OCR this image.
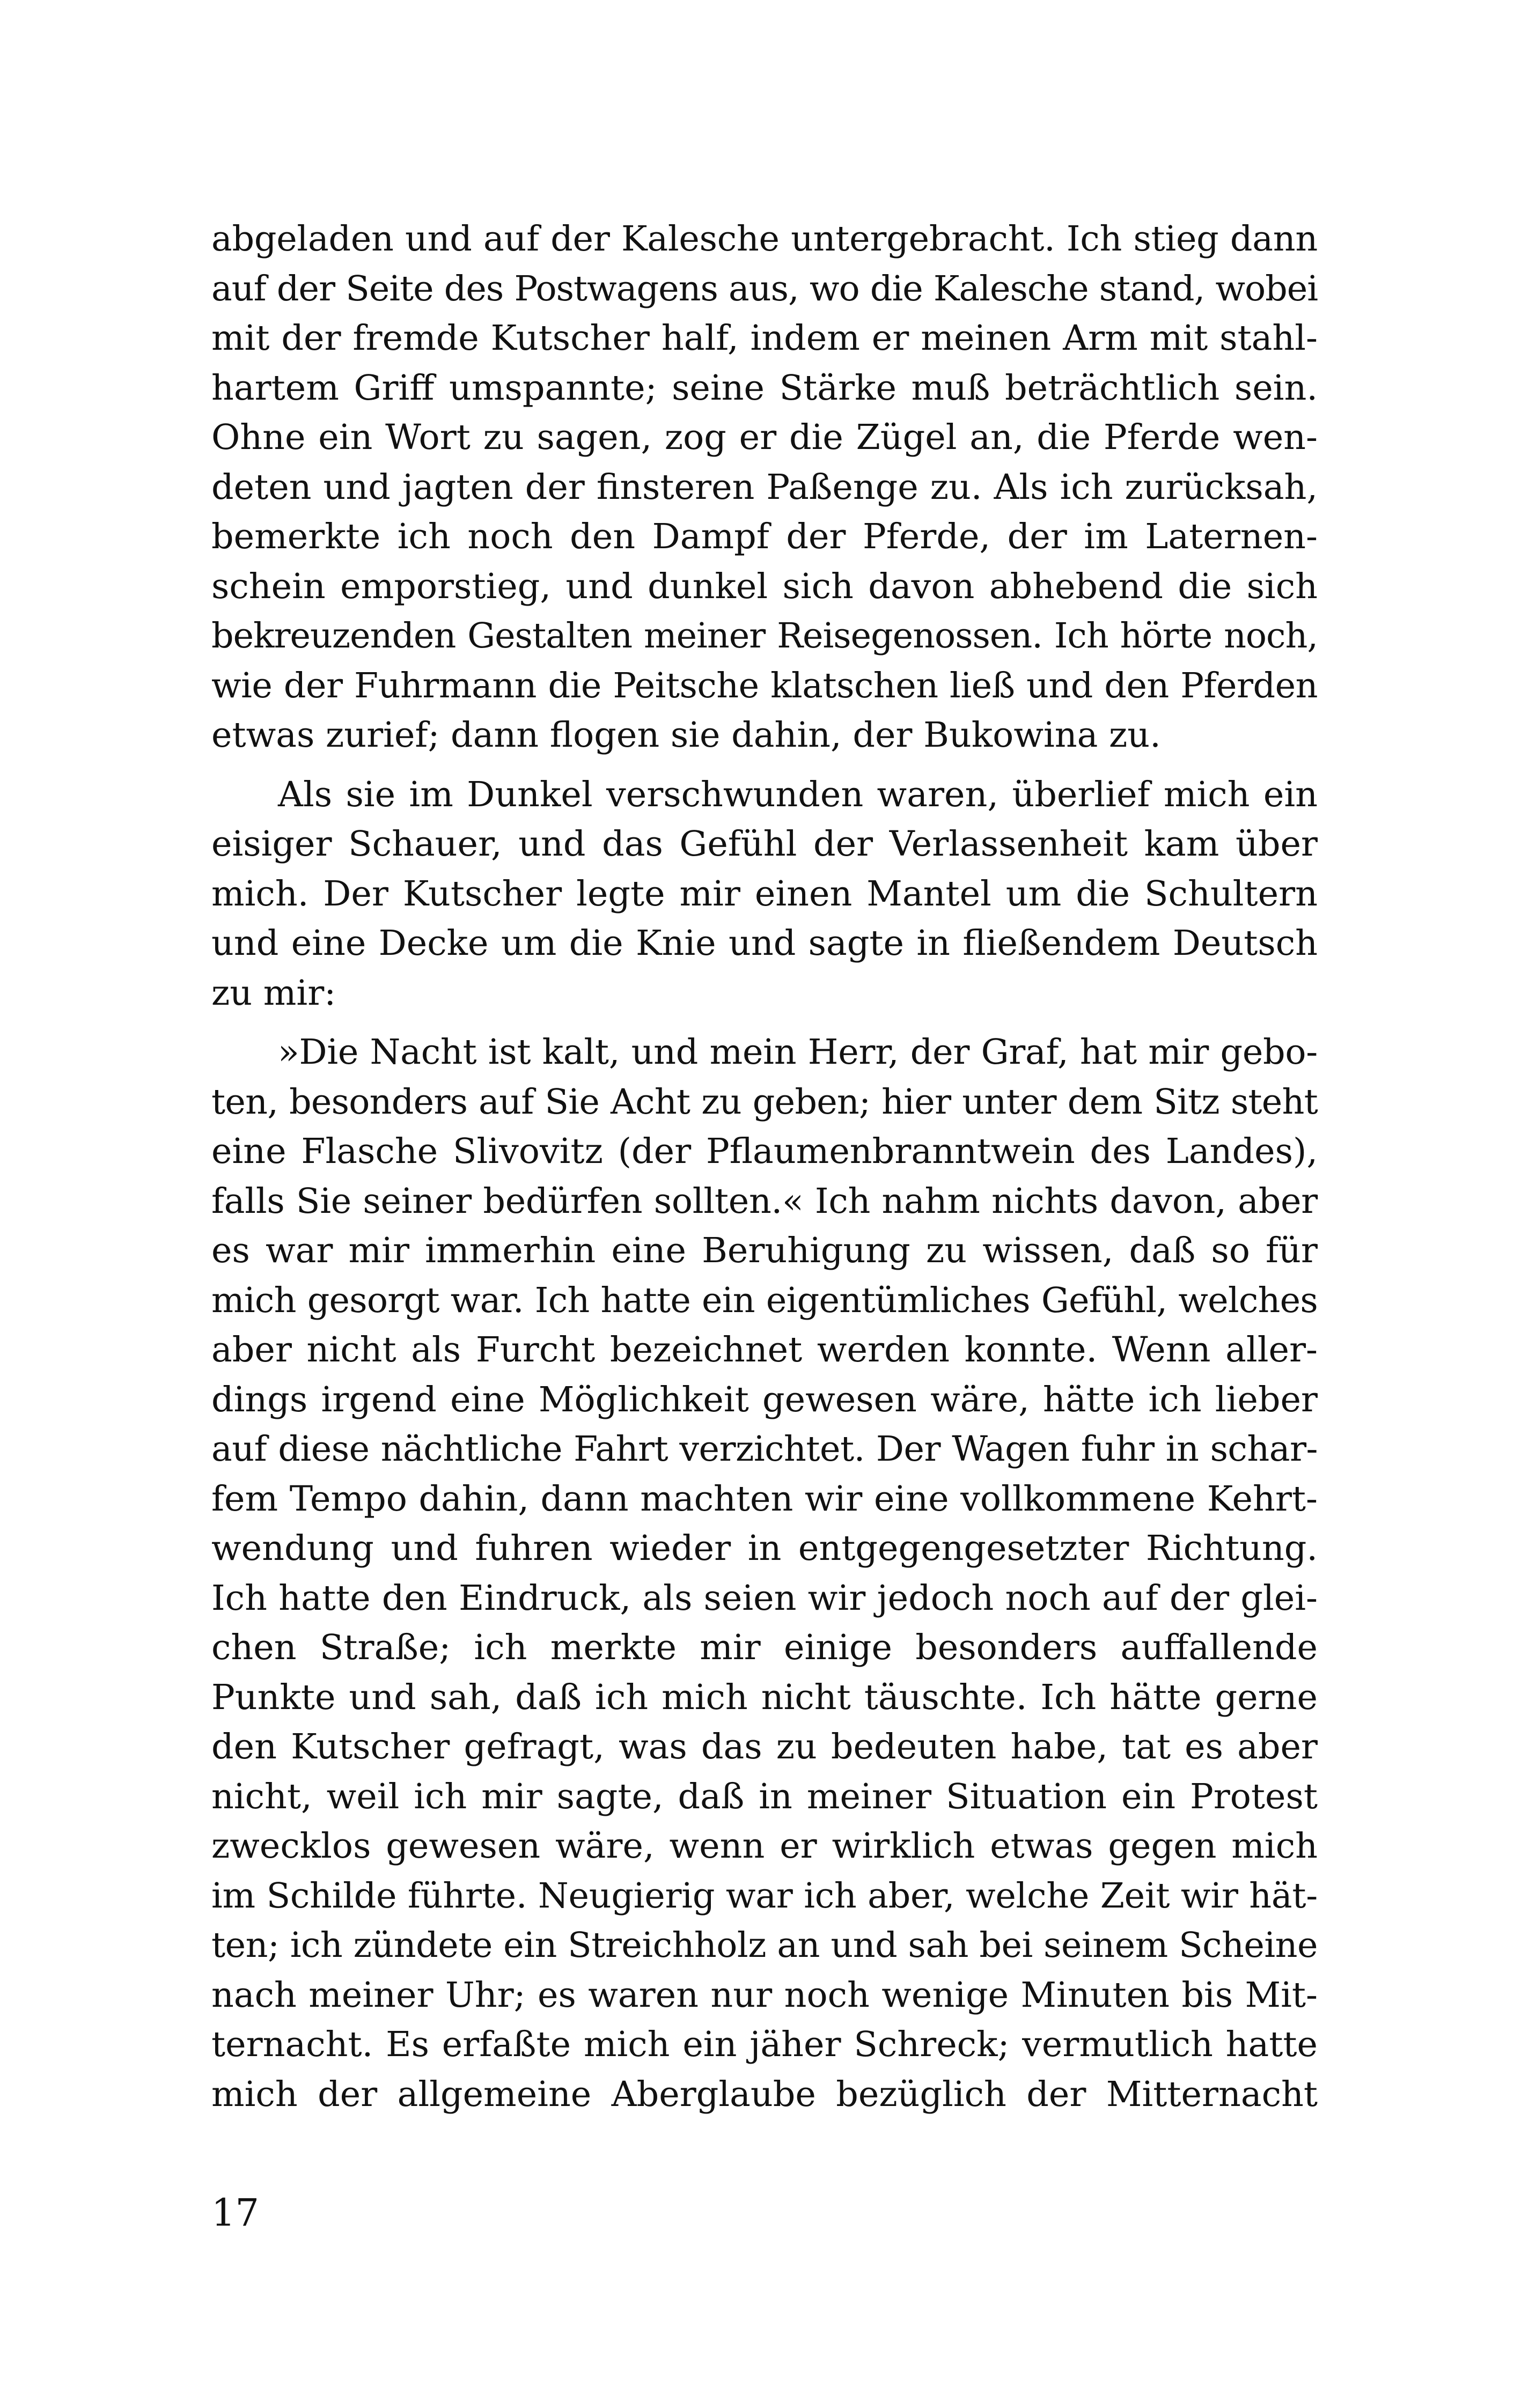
abgeladen und auf der Kalesche untergebracht. Ich stieg dann
auf der Seite des Postwagens aus, wo die Kalesche stand, wobei
mit der fremde Kutscher half, indem er meinen Arm mit stahl-
hartem Griff umspannte; seine Stärke muß beträchtlich sein.
Ohne ein Wort zu sagen, zog er die Zügel an, die Pferde wen-
deten und jagten der finsteren Paßenge zu. Als ich zurücksah,
bemerkte ich noch den Dampf der Pferde, der im Laternen-
schein emporstieg, und dunkel sich davon abhebend die sich
bekreuzenden Gestalten meiner Reisegenossen. Ich hörte noch,
wie der Fuhrmann die Peitsche klatschen ließ und den Pferden
etwas zurief; dann flogen sie dahin, der Bukowina zu.
Als sie im Dunkel verschwunden waren, überlief mich ein
eisiger Schauer, und das Gefühl der Verlassenheit kam über
mich. Der Kutscher legte mir einen Mantel um die Schultern
und eine Decke um die Knie und sagte in fließendem Deutsch
zu mir:
»Die Nacht ist kalt, und mein Herr, der Graf, hat mir gebo-
ten, besonders auf Sie Acht zu geben; hier unter dem Sitz steht
eine Flasche Slivovitz (der Pflaumenbranntwein des Landes),
falls Sie seiner bedürfen sollten.« Ich nahm nichts davon, aber
es war mir immerhin eine Beruhigung zu wissen, daß so für
mich gesorgt war. Ich hatte ein eigentümliches Gefühl, welches
aber nicht als Furcht bezeichnet werden konnte. Wenn aller-
dings irgend eine Möglichkeit gewesen wäre, hätte ich lieber
auf diese nächtliche Fahrt verzichtet. Der Wagen fuhr in schar-
fem Tempo dahin, dann machten wir eine vollkommene Kehrt-
wendung und fuhren wieder in entgegengesetzter Richtung.
Ich hatte den Eindruck, als seien wir jedoch noch auf der glei-
chen Straße; ich merkte mir einige besonders auffallende
Punkte und sah, daß ich mich nicht täuschte. Ich hätte gerne
den Kutscher gefragt, was das zu bedeuten habe, tat es aber
nicht, weil ich mir sagte, daß in meiner Situation ein Protest
zwecklos gewesen wäre, wenn er wirklich etwas gegen mich
im Schilde führte. Neugierig war ich aber, welche Zeit wir hät-
ten; ich zündete ein Streichholz an und sah bei seinem Scheine
nach meiner Uhr; es waren nur noch wenige Minuten bis Mit-
ternacht. Es erfaßte mich ein jäher Schreck; vermutlich hatte
mich der allgemeine Aberglaube bezüglich der Mitternacht
17
